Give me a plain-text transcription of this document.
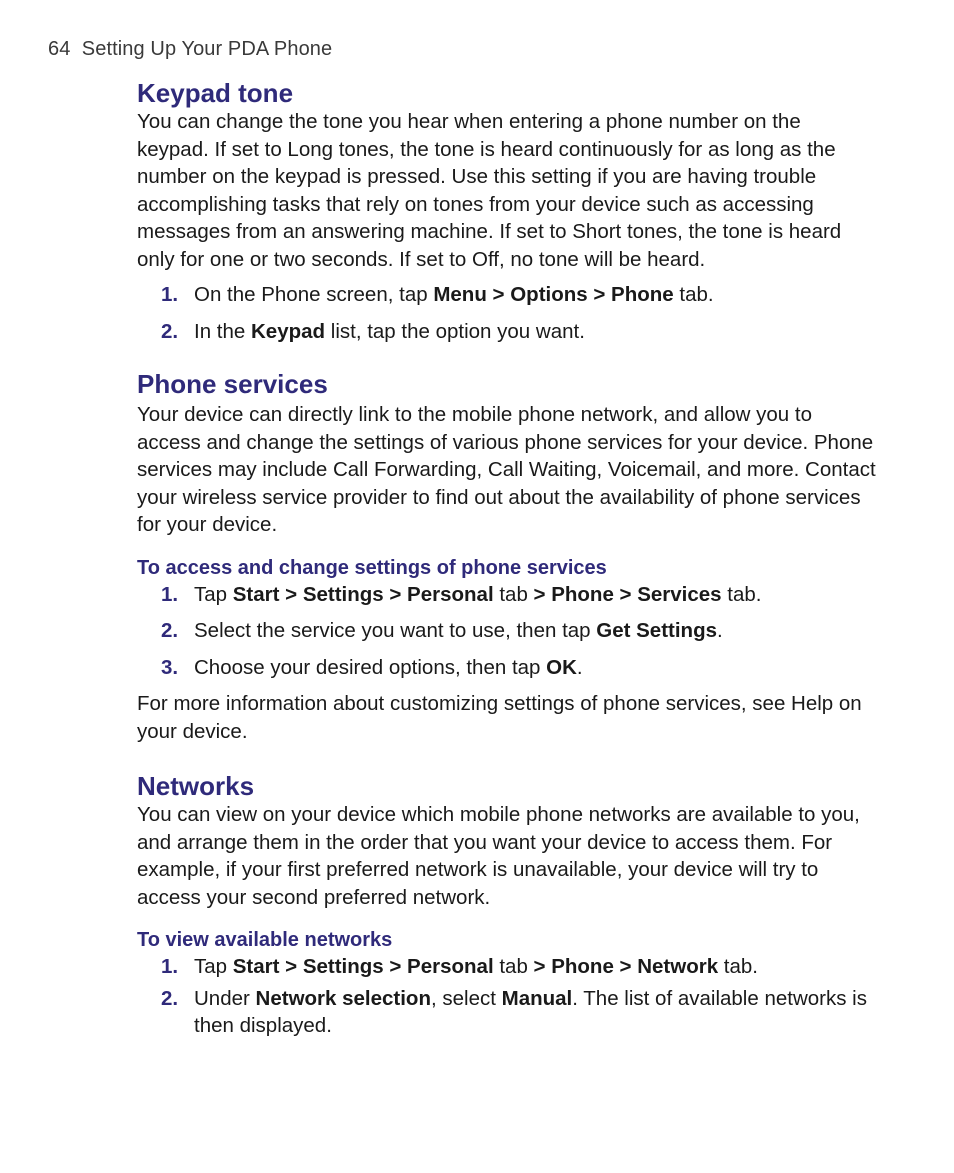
64 Setting Up Your PDA Phone
Keypad tone

You can change the tone you hear when entering a phone number on the keypad. If set to Long tones, the tone is heard continuously for as long as the number on the keypad is pressed. Use this setting if you are having trouble accomplishing tasks that rely on tones from your device such as accessing messages from an answering machine. If set to Short tones, the tone is heard only for one or two seconds. If set to Off, no tone will be heard.

1. On the Phone screen, tap Menu > Options > Phone tab.
2. In the Keypad list, tap the option you want.
Phone services

Your device can directly link to the mobile phone network, and allow you to access and change the settings of various phone services for your device. Phone services may include Call Forwarding, Call Waiting, Voicemail, and more. Contact your wireless service provider to find out about the availability of phone services for your device.

To access and change settings of phone services
1. Tap Start > Settings > Personal tab > Phone > Services tab.
2. Select the service you want to use, then tap Get Settings.
3. Choose your desired options, then tap OK.

For more information about customizing settings of phone services, see Help on your device.

Networks

You can view on your device which mobile phone networks are available to you, and arrange them in the order that you want your device to access them. For example, if your first preferred network is unavailable, your device will try to access your second preferred network.

To view available networks
1. Tap Start > Settings > Personal tab > Phone > Network tab.
2. Under Network selection, select Manual. The list of available networks is then displayed.
